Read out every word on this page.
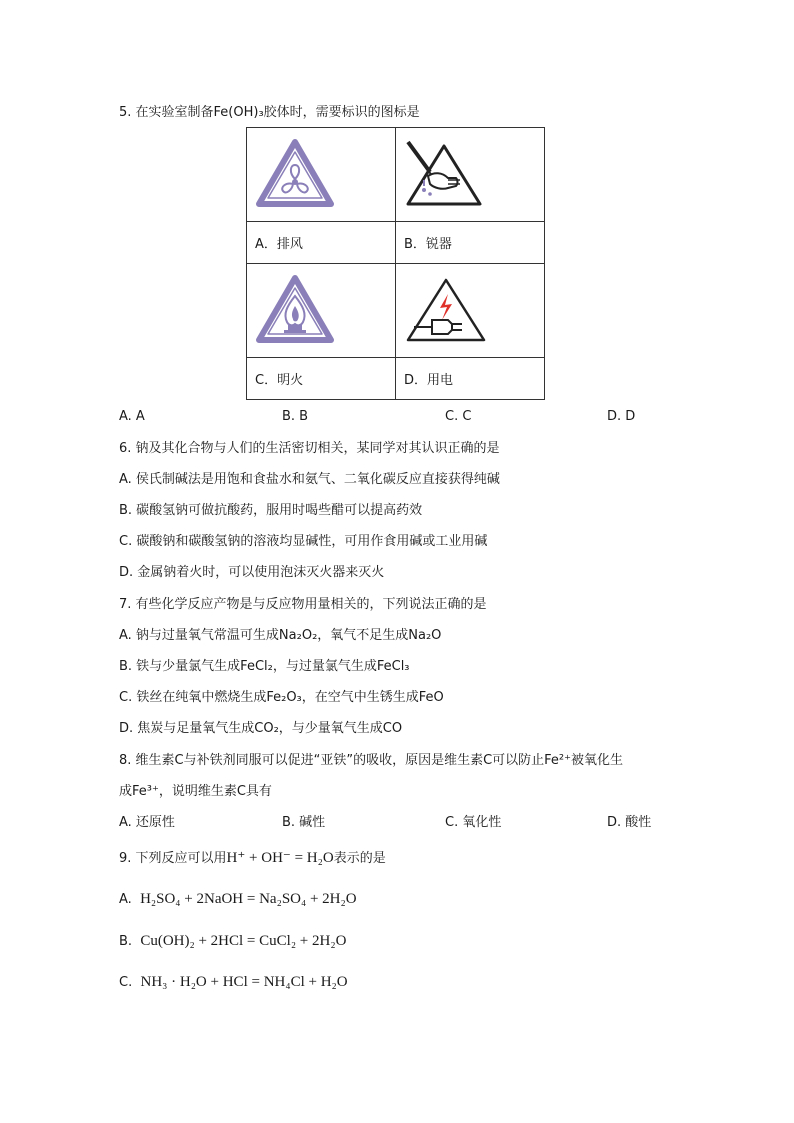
5. 在实验室制备Fe(OH)₃胶体时，需要标识的图标是

A．排风	B．锐器

C．明火	D．用电
A. A	B. B	C. C	D. D
6. 钠及其化合物与人们的生活密切相关，某同学对其认识正确的是
A. 侯氏制碱法是用饱和食盐水和氨气、二氧化碳反应直接获得纯碱
B. 碳酸氢钠可做抗酸药，服用时喝些醋可以提高药效
C. 碳酸钠和碳酸氢钠的溶液均显碱性，可用作食用碱或工业用碱
D. 金属钠着火时，可以使用泡沫灭火器来灭火
7. 有些化学反应产物是与反应物用量相关的，下列说法正确的是
A. 钠与过量氧气常温可生成Na₂O₂，氧气不足生成Na₂O
B. 铁与少量氯气生成FeCl₂，与过量氯气生成FeCl₃
C. 铁丝在纯氧中燃烧生成Fe₂O₃，在空气中生锈生成FeO
D. 焦炭与足量氧气生成CO₂，与少量氧气生成CO
8. 维生素C与补铁剂同服可以促进“亚铁”的吸收，原因是维生素C可以防止Fe²⁺被氧化生
成Fe³⁺，说明维生素C具有
A. 还原性	B. 碱性	C. 氧化性	D. 酸性
9. 下列反应可以用H⁺ + OH⁻ = H₂O表示的是
A. H₂SO₄ + 2NaOH = Na₂SO₄ + 2H₂O
B. Cu(OH)₂ + 2HCl = CuCl₂ + 2H₂O
C. NH₃ · H₂O + HCl = NH₄Cl + H₂O
